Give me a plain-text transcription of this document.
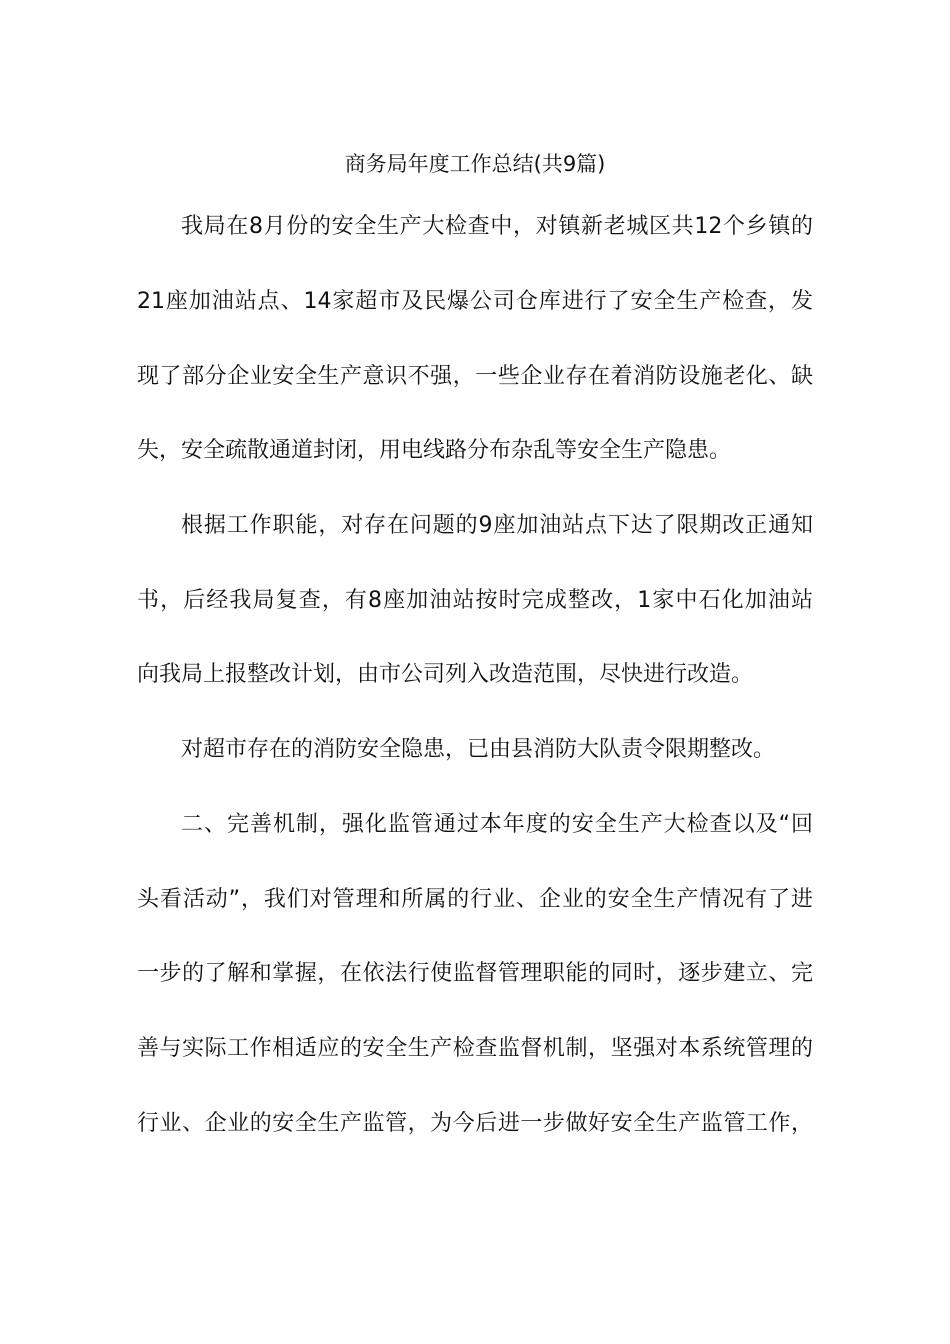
商务局年度工作总结(共9篇)
我局在8月份的安全生产大检查中，对镇新老城区共12个乡镇的
21座加油站点、14家超市及民爆公司仓库进行了安全生产检查，发
现了部分企业安全生产意识不强，一些企业存在着消防设施老化、缺
失，安全疏散通道封闭，用电线路分布杂乱等安全生产隐患。
根据工作职能，对存在问题的9座加油站点下达了限期改正通知
书，后经我局复查，有8座加油站按时完成整改，1家中石化加油站
向我局上报整改计划，由市公司列入改造范围，尽快进行改造。
对超市存在的消防安全隐患，已由县消防大队责令限期整改。
二、完善机制，强化监管通过本年度的安全生产大检查以及“回
头看活动”，我们对管理和所属的行业、企业的安全生产情况有了进
一步的了解和掌握，在依法行使监督管理职能的同时，逐步建立、完
善与实际工作相适应的安全生产检查监督机制，坚强对本系统管理的
行业、企业的安全生产监管，为今后进一步做好安全生产监管工作，
